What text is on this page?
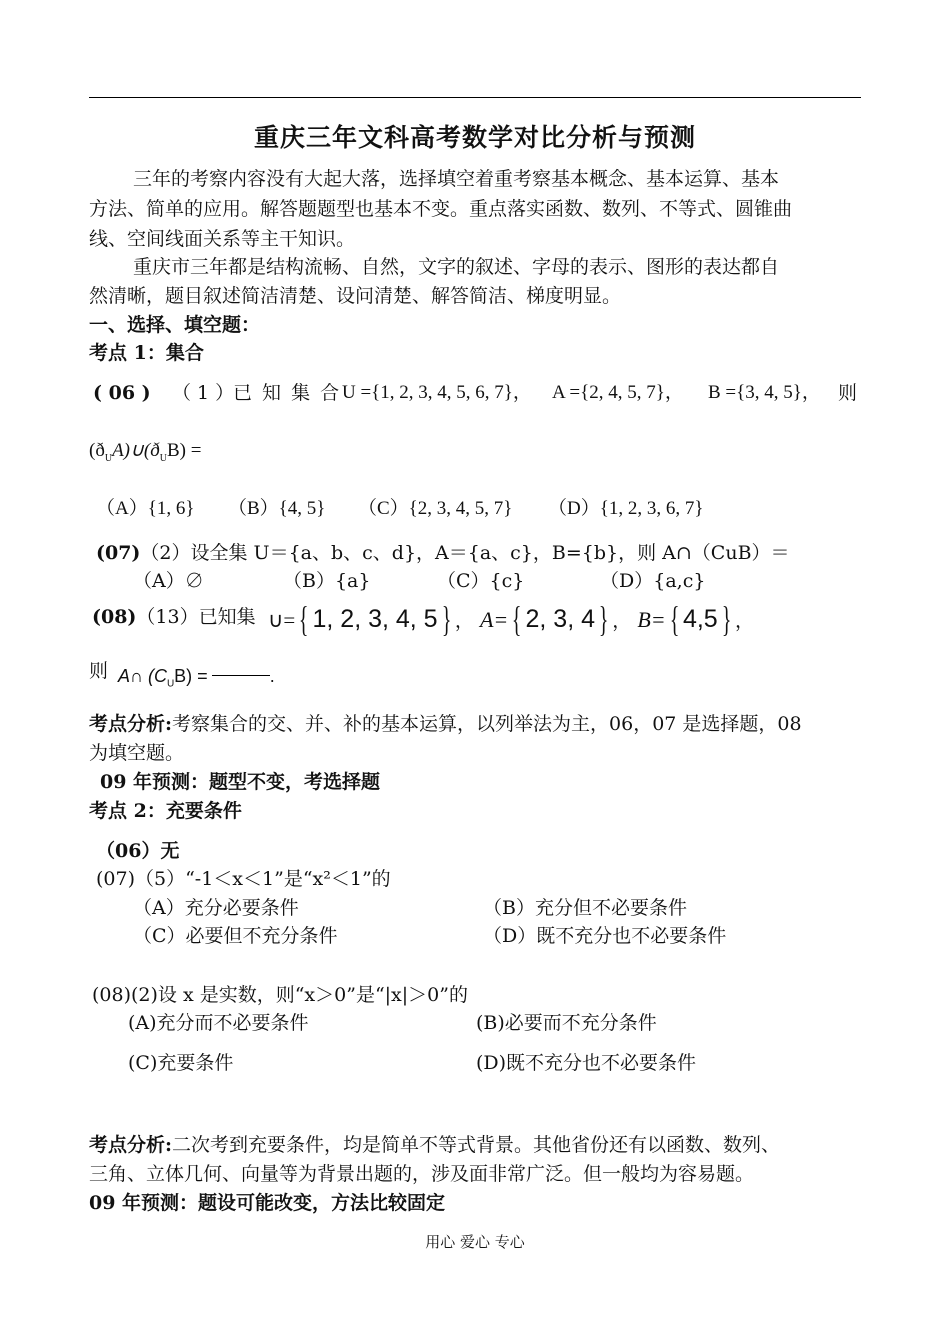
重庆三年文科高考数学对比分析与预测
三年的考察内容没有大起大落，选择填空着重考察基本概念、基本运算、基本
方法、简单的应用。解答题题型也基本不变。重点落实函数、数列、不等式、圆锥曲
线、空间线面关系等主干知识。
重庆市三年都是结构流畅、自然，文字的叙述、字母的表示、图形的表达都自
然清晰，题目叙述简洁清楚、设问清楚、解答简洁、梯度明显。
一、选择、填空题：
考点 1：集合
( 06 ) （ 1 ）
已 知 集 合 U ={1, 2, 3, 4, 5, 6, 7}， A ={2, 4, 5, 7}， B ={3, 4, 5}， 则
$(ð_UA)\cup(ð_UB)$ =
（A）{1, 6} （B）{4, 5} （C）{2, 3, 4, 5, 7} （D）{1, 2, 3, 6, 7}
(07)（2）设全集 U＝{a、b、c、d}，A＝{a、c}，B={b}，则 A∩（CuB）＝
（A）∅	（B）{a}	（C）{c}	（D）{a,c}
(08)（13）已知集 ∪= { 1, 2, 3, 4, 5 } ， A= { 2, 3, 4 } ， B= { 4,5 } ，
则 A∩ $(C_UB)$ =	.
考点分析:考察集合的交、并、补的基本运算，以列举法为主，06，07 是选择题，08
为填空题。
09 年预测：题型不变，考选择题
考点 2：充要条件
（06）无
(07)（5）“-1＜x＜1”是“x²＜1”的
（A）充分必要条件	（B）充分但不必要条件
（C）必要但不充分条件	（D）既不充分也不必要条件
(08)(2)设 x 是实数，则“x＞0”是“|x|＞0”的
(A)充分而不必要条件	(B)必要而不充分条件
(C)充要条件	(D)既不充分也不必要条件
考点分析:二次考到充要条件，均是简单不等式背景。其他省份还有以函数、数列、
三角、立体几何、向量等为背景出题的，涉及面非常广泛。但一般均为容易题。
09 年预测：题设可能改变，方法比较固定
用心 爱心 专心
